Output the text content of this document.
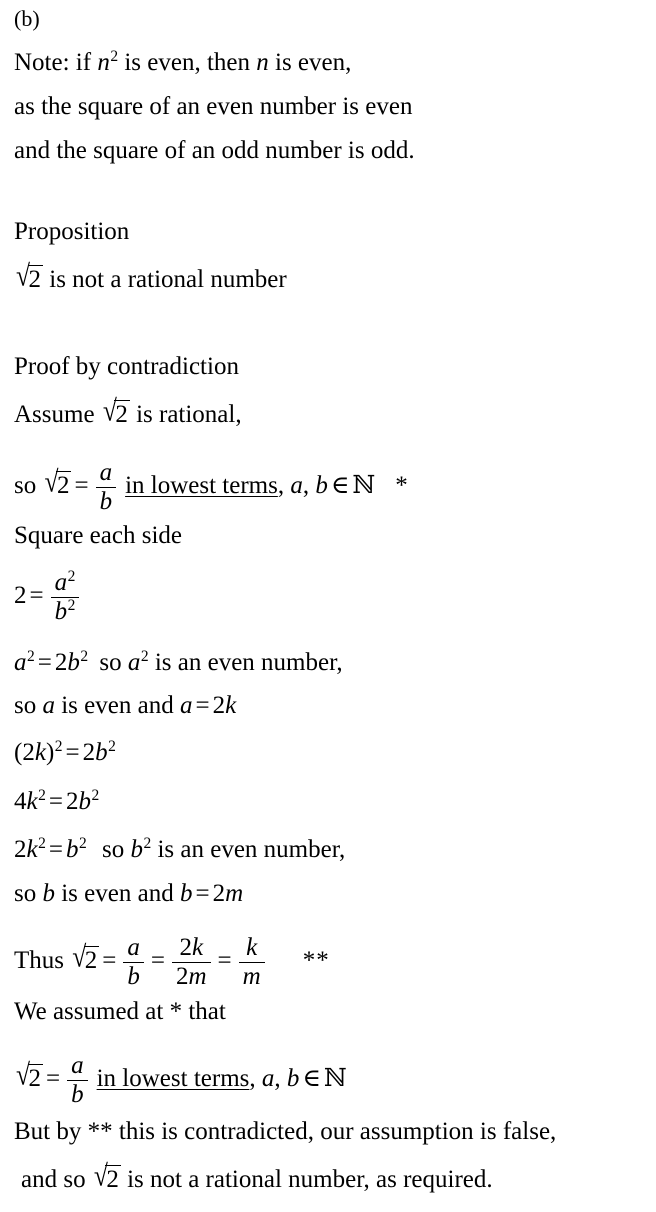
(b)
Note: if $n^2$ is even, then n is even,
as the square of an even number is even
and the square of an odd number is odd.
Proposition
√2 is not a rational number
Proof by contradiction
Assume √2 is rational,
so $√2 = \frac{a}{b}$ in lowest terms, a, b ∈ ℕ *
Square each side
$2 = \frac{a^2}{b^2}$
$a^2 = 2b^2$ so $a^2$ is an even number,
so a is even and a = 2k
$(2k)^2 = 2b^2$
$4k^2 = 2b^2$
$2k^2 = b^2$ so $b^2$ is an even number,
so b is even and b = 2m
Thus $√2 = \frac{a}{b} = \frac{2k}{2m} = \frac{k}{m}$ **
We assumed at * that
$√2 = \frac{a}{b}$ in lowest terms, a, b ∈ ℕ
But by ** this is contradicted, our assumption is false,
and so √2 is not a rational number, as required.
